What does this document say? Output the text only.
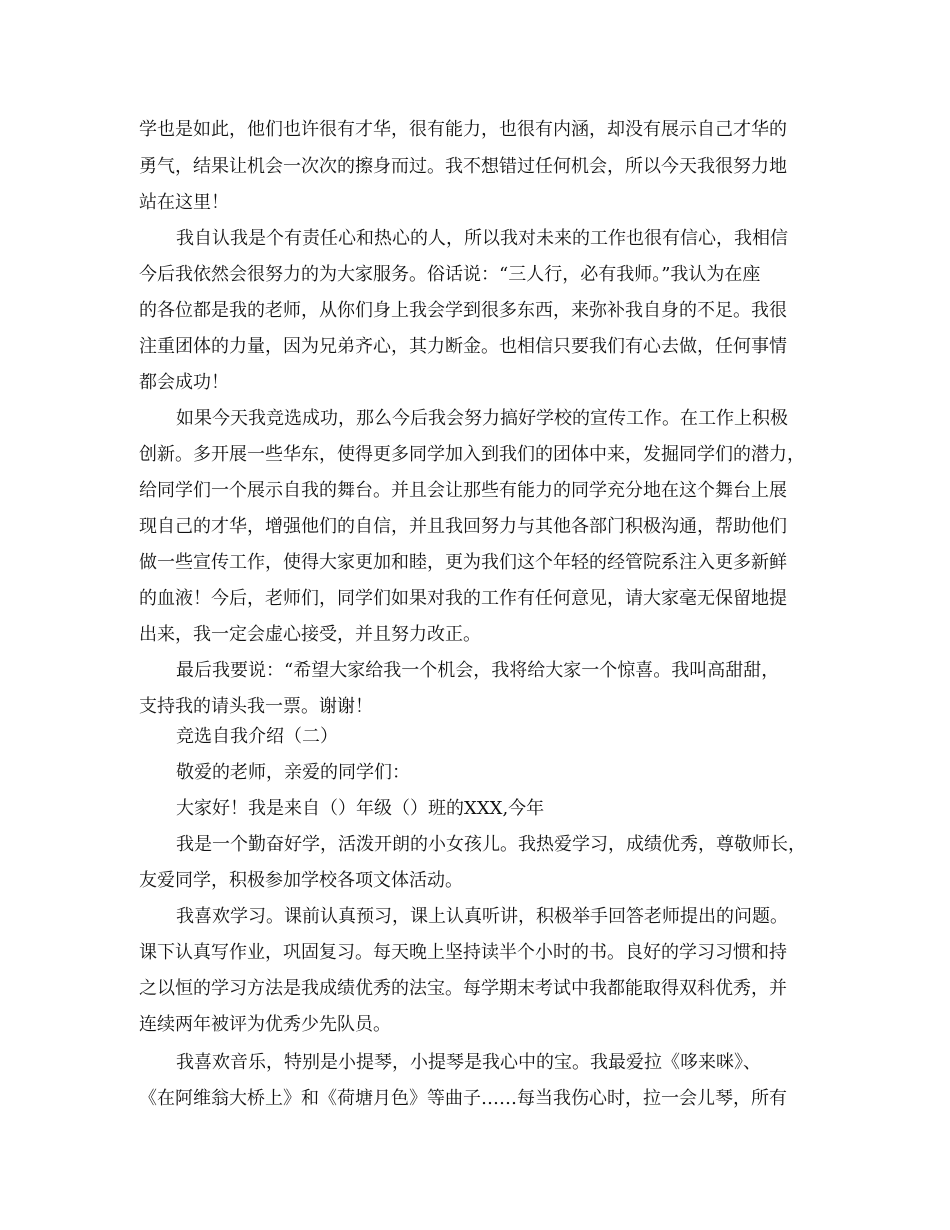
学也是如此，他们也许很有才华，很有能力，也很有内涵，却没有展示自己才华的
勇气，结果让机会一次次的擦身而过。我不想错过任何机会，所以今天我很努力地
站在这里！
我自认我是个有责任心和热心的人，所以我对未来的工作也很有信心，我相信
今后我依然会很努力的为大家服务。俗话说：“三人行，必有我师。”我认为在座
的各位都是我的老师，从你们身上我会学到很多东西，来弥补我自身的不足。我很
注重团体的力量，因为兄弟齐心，其力断金。也相信只要我们有心去做，任何事情
都会成功！
如果今天我竞选成功，那么今后我会努力搞好学校的宣传工作。在工作上积极
创新。多开展一些华东，使得更多同学加入到我们的团体中来，发掘同学们的潜力，
给同学们一个展示自我的舞台。并且会让那些有能力的同学充分地在这个舞台上展
现自己的才华，增强他们的自信，并且我回努力与其他各部门积极沟通，帮助他们
做一些宣传工作，使得大家更加和睦，更为我们这个年轻的经管院系注入更多新鲜
的血液！今后，老师们，同学们如果对我的工作有任何意见，请大家毫无保留地提
出来，我一定会虚心接受，并且努力改正。
最后我要说：“希望大家给我一个机会，我将给大家一个惊喜。我叫高甜甜，
支持我的请头我一票。谢谢！
竞选自我介绍（二）
敬爱的老师，亲爱的同学们：
大家好！我是来自（）年级（）班的XXX,今年
我是一个勤奋好学，活泼开朗的小女孩儿。我热爱学习，成绩优秀，尊敬师长，
友爱同学，积极参加学校各项文体活动。
我喜欢学习。课前认真预习，课上认真听讲，积极举手回答老师提出的问题。
课下认真写作业，巩固复习。每天晚上坚持读半个小时的书。良好的学习习惯和持
之以恒的学习方法是我成绩优秀的法宝。每学期末考试中我都能取得双科优秀，并
连续两年被评为优秀少先队员。
我喜欢音乐，特别是小提琴，小提琴是我心中的宝。我最爱拉《哆来咪》、
《在阿维翁大桥上》和《荷塘月色》等曲子……每当我伤心时，拉一会儿琴，所有
